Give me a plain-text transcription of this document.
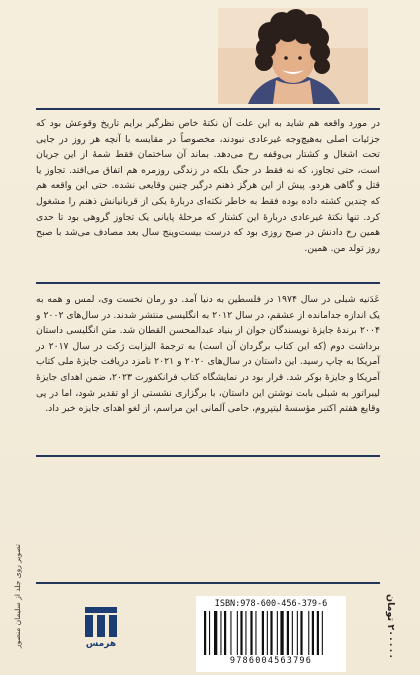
در مورد واقعه هم شاید به این علت آن نکتهٔ خاص نظرگیر برایم تاریخ وقوعش بود که جزئیات اصلی به‌هیچ‌وجه غیرعادی نبودند، مخصوصاً در مقایسه با آنچه هر روز در جایی تحت اشغال و کشتار بی‌وقفه رخ می‌دهد. بماند آن ساختمان فقط شمهٔ از این جریان است، حتی تجاوز، که نه فقط در جنگ بلکه در زندگی روزمره هم اتفاق می‌افتد. تجاوز یا قتل و گاهی هردو. پیش از این هرگز ذهنم درگیر چنین وقایعی نشده. حتی این واقعه هم که چندین کشته داده بوده فقط به خاطر نکته‌ای دربارهٔ یکی از قربانیانش ذهنم را مشغول کرد. تنها نکتهٔ غیرعادی دربارهٔ این کشتار که مرحلهٔ پایانی یک تجاوز گروهی بود تا حدی همین رخ دادنش در صبح روزی بود که درست بیست‌وپنج سال بعد مصادف می‌شد با صبح روز تولد من. همین.

عَدَنیه شبلی در سال ۱۹۷۴ در فلسطین به دنیا آمد. دو رمان نخست وی، لمس و همه به یک اندازه جدا‌مانده از عشقم، در سال ۲۰۱۲ به انگلیسی منتشر شدند. در سال‌های ۲۰۰۲ و ۲۰۰۴ برندهٔ جایزهٔ نویسندگان جوان از بنیاد عبدالمحسن القطان شد. متن انگلیسی داستان برداشت دوم (که این کتاب برگردان آن است) به ترجمهٔ الیزابت ژکت در سال ۲۰۱۷ در آمریکا به چاپ رسید. این داستان در سال‌های ۲۰۲۰ و ۲۰۲۱ نامزد دریافت جایزهٔ ملی کتاب آمریکا و جایزهٔ بوکر شد. قرار بود در نمایشگاه کتاب فرانکفورت ۲۰۲۳، ضمن اهدای جایزهٔ لیبراتور به شبلی بابت نوشتن این داستان، با برگزاری نشستی از او تقدیر شود، اما در پی وقایع هفتم اکتبر مؤسسهٔ لیتپروم، حامی آلمانی این مراسم، از لغو اهدای جایزه خبر داد.

تصویر روی جلد از سلیمان منصور	هرمس
ISBN:978-600-456-379-6
9786004563796
۲۰۰۰۰۰ تومان
